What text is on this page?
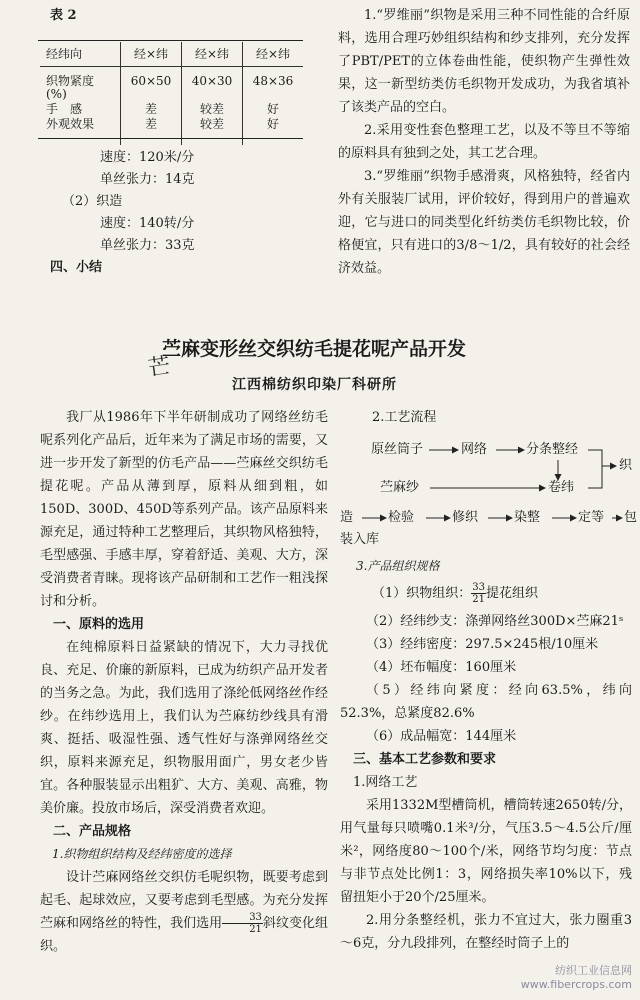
表 2
经纬向	经×纬	经×纬	经×纬
织物紧度(%)	60×50	40×30	48×36
手　感	差	较差	好
外观效果	差	较差	好
速度：120米/分
单丝张力：14克
（2）织造
速度：140转/分
单丝张力：33克
四、小结

1.“罗维丽”织物是采用三种不同性能的合纤原料，选用合理巧妙组织结构和纱支排列，充分发挥了PBT/PET的立体卷曲性能，使织物产生弹性效果，这一新型纺类仿毛织物开发成功，为我省填补了该类产品的空白。

2.采用变性套色整理工艺，以及不等旦不等缩的原料具有独到之处，其工艺合理。

3.“罗维丽”织物手感滑爽，风格独特，经省内外有关服装厂试用，评价较好，得到用户的普遍欢迎，它与进口的同类型化纤纺类仿毛织物比较，价格便宜，只有进口的3/8～1/2，具有较好的社会经济效益。

苎麻变形丝交织纺毛提花呢产品开发
芒
江西棉纺织印染厂科研所

我厂从1986年下半年研制成功了网络丝纺毛呢系列化产品后，近年来为了满足市场的需要，又进一步开发了新型的仿毛产品——苎麻丝交织纺毛提花呢。产品从薄到厚，原料从细到粗，如150D、300D、450D等系列产品。该产品原料来源充足，通过特种工艺整理后，其织物风格独特，毛型感强、手感丰厚，穿着舒适、美观、大方，深受消费者青睐。现将该产品研制和工艺作一粗浅探讨和分析。

一、原料的选用

在纯棉原料日益紧缺的情况下，大力寻找优良、充足、价廉的新原料，已成为纺织产品开发者的当务之急。为此，我们选用了涤纶低网络丝作经纱。在纬纱选用上，我们认为苎麻纺纱线具有滑爽、挺括、吸湿性强、透气性好与涤弹网络丝交织，原料来源充足，织物服用面广，男女老少皆宜。各种服装显示出粗犷、大方、美观、高雅，物美价廉。投放市场后，深受消费者欢迎。

二、产品规格

1.织物组织结构及经纬密度的选择

设计苎麻网络丝交织仿毛呢织物，既要考虑到起毛、起球效应，又要考虑到毛型感。为充分发挥苎麻和网络丝的特性，我们选用 $\frac{33}{21}$ 斜纹变化组织。

2.工艺流程
原丝筒子	网络	分条整经
织
苎麻纱	卷纬
造	检验	修织	染整	定等 包
装入库
3.产品组织规格
（1）织物组织： $\frac{33}{21}$ 提花组织

（2）经纬纱支：涤弹网络丝300D×苎麻21ˢ

（3）经纬密度：297.5×245根/10厘米

（4）坯布幅度：160厘米

（5）经纬向紧度：经向63.5%，纬向52.3%，总紧度82.6%

（6）成品幅宽：144厘米

三、基本工艺参数和要求

1.网络工艺

采用1332M型槽筒机，槽筒转速2650转/分，用气量每只喷嘴0.1米³/分，气压3.5～4.5公斤/厘米²，网络度80～100个/米，网络节均匀度：节点与非节点处比例1：3，网络损失率10%以下，残留扭矩小于20个/25厘米。

2.用分条整经机，张力不宜过大，张力圈重3～6克，分九段排列，在整经时筒子上的

纺织工业信息网
www.fibercrops.com
